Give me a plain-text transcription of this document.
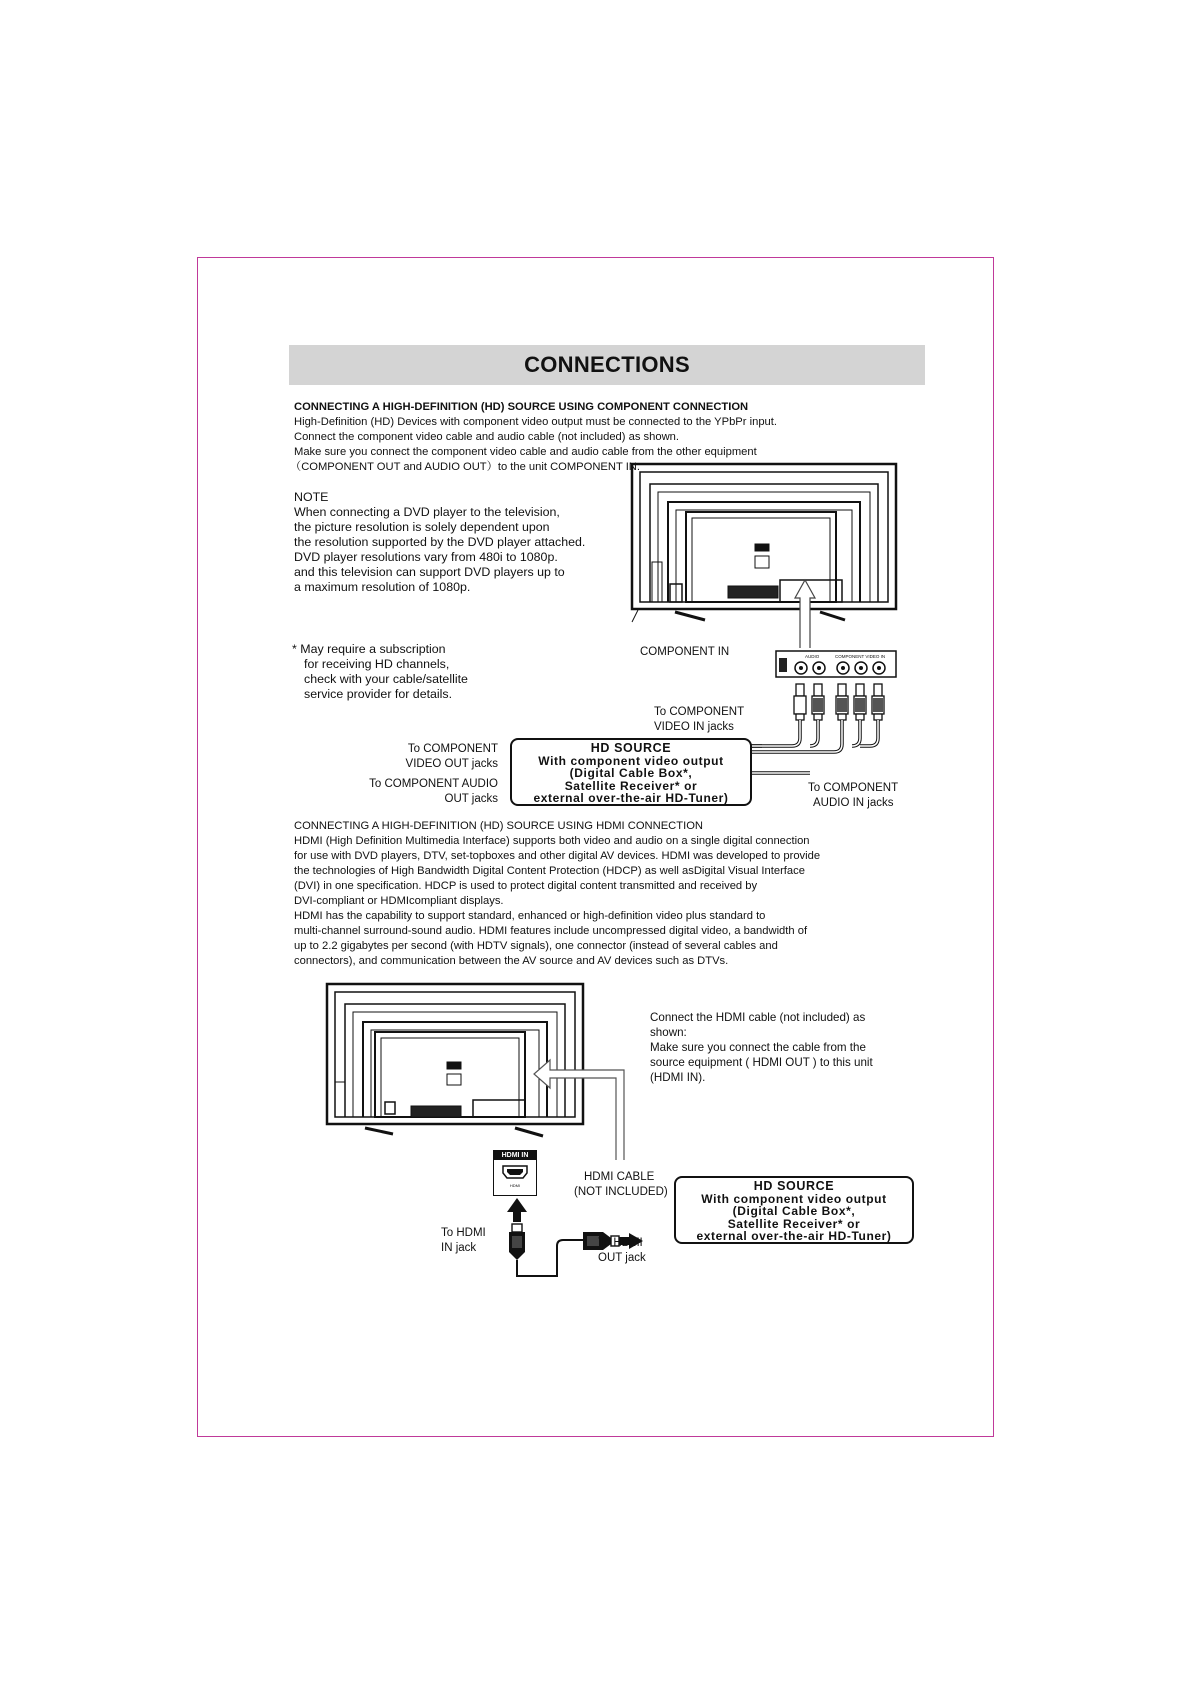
CONNECTIONS
CONNECTING A HIGH-DEFINITION (HD) SOURCE USING COMPONENT CONNECTION
High-Definition (HD) Devices with component video output must be connected to the YPbPr input.
Connect the component video cable and audio cable (not included) as shown.
Make sure you connect the component video cable and audio cable from the other equipment
（COMPONENT OUT and AUDIO OUT）to the unit COMPONENT IN.
NOTE
When connecting a DVD player to the television,
the picture resolution is solely dependent upon
the resolution supported by the DVD player attached.
DVD player resolutions vary from 480i to 1080p.
and this television can support DVD players up to
a maximum resolution of 1080p.
* May require a subscription
for receiving HD channels,
check with your cable/satellite
service provider for details.
COMPONENT IN	AUDIO	COMPONENT VIDEO IN
To COMPONENT
VIDEO IN jacks
To COMPONENT
VIDEO OUT jacks
To COMPONENT AUDIO
OUT jacks
To COMPONENT
AUDIO IN jacks
HD SOURCE
With component video output
(Digital Cable Box*,
Satellite Receiver* or
external over-the-air HD-Tuner)
CONNECTING A HIGH-DEFINITION (HD) SOURCE USING HDMI CONNECTION
HDMI (High Definition Multimedia Interface) supports both video and audio on a single digital connection
for use with DVD players, DTV, set-topboxes and other digital AV devices. HDMI was developed to provide
the technologies of High Bandwidth Digital Content Protection (HDCP) as well asDigital Visual Interface
(DVI) in one specification. HDCP is used to protect digital content transmitted and received by
DVI-compliant or HDMIcompliant displays.
HDMI has the capability to support standard, enhanced or high-definition video plus standard to
multi-channel surround-sound audio. HDMI features include uncompressed digital video, a bandwidth of
up to 2.2 gigabytes per second (with HDTV signals), one connector (instead of several cables and
connectors), and communication between the AV source and AV devices such as DTVs.
Connect the HDMI cable (not included) as
shown:
Make sure you connect the cable from the
source equipment ( HDMI OUT ) to this unit
(HDMI IN).
HDMI IN
HDMI
HDMI CABLE
(NOT INCLUDED)
To HDMI
IN jack	To HDMI
OUT jack
HD SOURCE
With component video output
(Digital Cable Box*,
Satellite Receiver* or
external over-the-air HD-Tuner)
